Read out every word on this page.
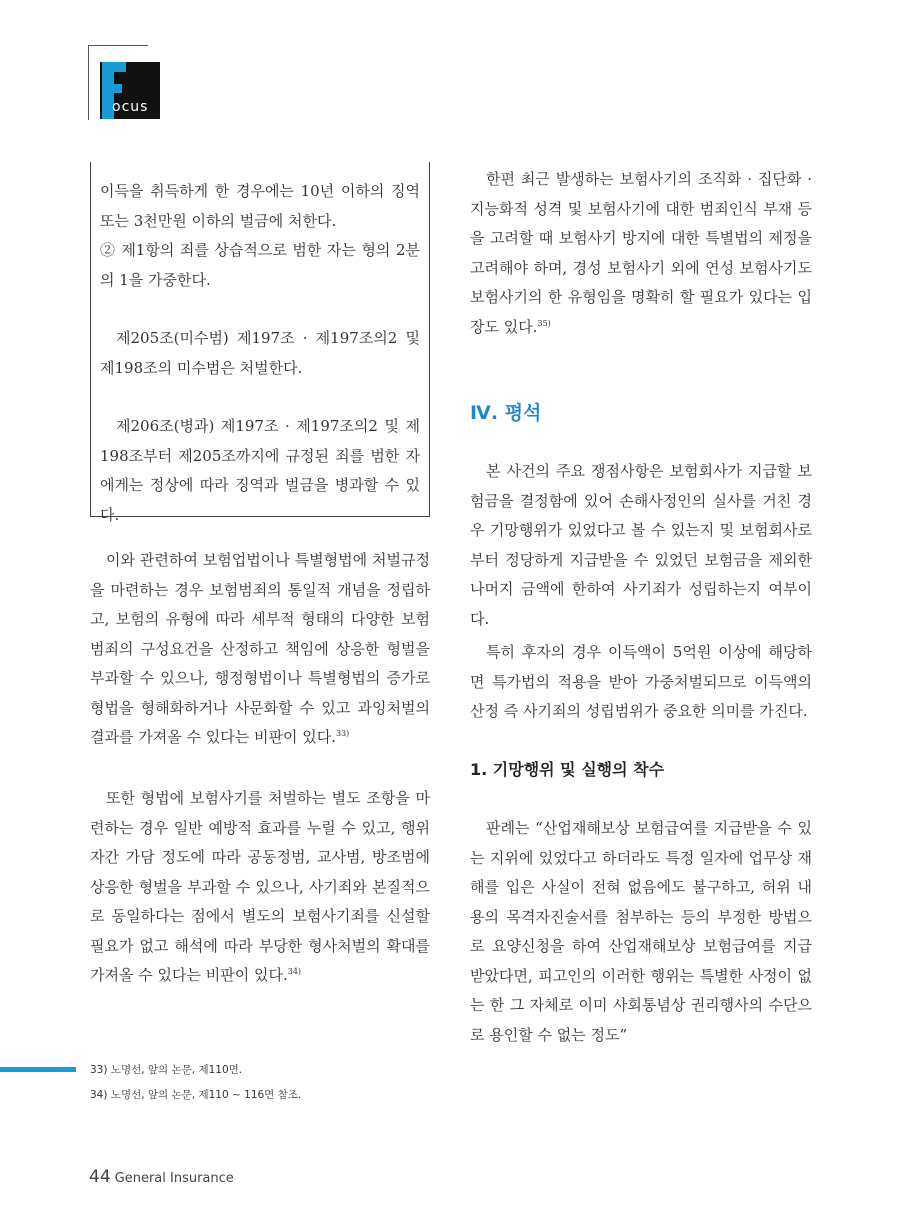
ocus

이득을 취득하게 한 경우에는 10년 이하의 징역 또는 3천만원 이하의 벌금에 처한다.

② 제1항의 죄를 상습적으로 범한 자는 형의 2분의 1을 가중한다.

제205조(미수범) 제197조 · 제197조의2 및 제198조의 미수범은 처벌한다.

제206조(병과) 제197조 · 제197조의2 및 제198조부터 제205조까지에 규정된 죄를 범한 자에게는 정상에 따라 징역과 벌금을 병과할 수 있다.

이와 관련하여 보험업법이나 특별형법에 처벌규정을 마련하는 경우 보험범죄의 통일적 개념을 정립하고, 보험의 유형에 따라 세부적 형태의 다양한 보험범죄의 구성요건을 산정하고 책임에 상응한 형벌을 부과할 수 있으나, 행정형법이나 특별형법의 증가로 형법을 형해화하거나 사문화할 수 있고 과잉처벌의 결과를 가져올 수 있다는 비판이 있다.$^{33)}$

또한 형법에 보험사기를 처벌하는 별도 조항을 마련하는 경우 일반 예방적 효과를 누릴 수 있고, 행위자간 가담 정도에 따라 공동정범, 교사범, 방조범에 상응한 형벌을 부과할 수 있으나, 사기죄와 본질적으로 동일하다는 점에서 별도의 보험사기죄를 신설할 필요가 없고 해석에 따라 부당한 형사처벌의 확대를 가져올 수 있다는 비판이 있다.$^{34)}$

한편 최근 발생하는 보험사기의 조직화 · 집단화 · 지능화적 성격 및 보험사기에 대한 범죄인식 부재 등을 고려할 때 보험사기 방지에 대한 특별법의 제정을 고려해야 하며, 경성 보험사기 외에 연성 보험사기도 보험사기의 한 유형임을 명확히 할 필요가 있다는 입장도 있다.$^{35)}$

Ⅳ. 평석

본 사건의 주요 쟁점사항은 보험회사가 지급할 보험금을 결정함에 있어 손해사정인의 실사를 거친 경우 기망행위가 있었다고 볼 수 있는지 및 보험회사로부터 정당하게 지급받을 수 있었던 보험금을 제외한 나머지 금액에 한하여 사기죄가 성립하는지 여부이다.

특히 후자의 경우 이득액이 5억원 이상에 해당하면 특가법의 적용을 받아 가중처벌되므로 이득액의 산정 즉 사기죄의 성립범위가 중요한 의미를 가진다.

1. 기망행위 및 실행의 착수

판례는 “산업재해보상 보험급여를 지급받을 수 있는 지위에 있었다고 하더라도 특정 일자에 업무상 재해를 입은 사실이 전혀 없음에도 불구하고, 허위 내용의 목격자진술서를 첨부하는 등의 부정한 방법으로 요양신청을 하여 산업재해보상 보험급여를 지급받았다면, 피고인의 이러한 행위는 특별한 사정이 없는 한 그 자체로 이미 사회통념상 권리행사의 수단으로 용인할 수 없는 정도”

33) 노명선, 앞의 논문, 제110면.
34) 노명선, 앞의 논문, 제110 ~ 116면 참조.
44 General Insurance
